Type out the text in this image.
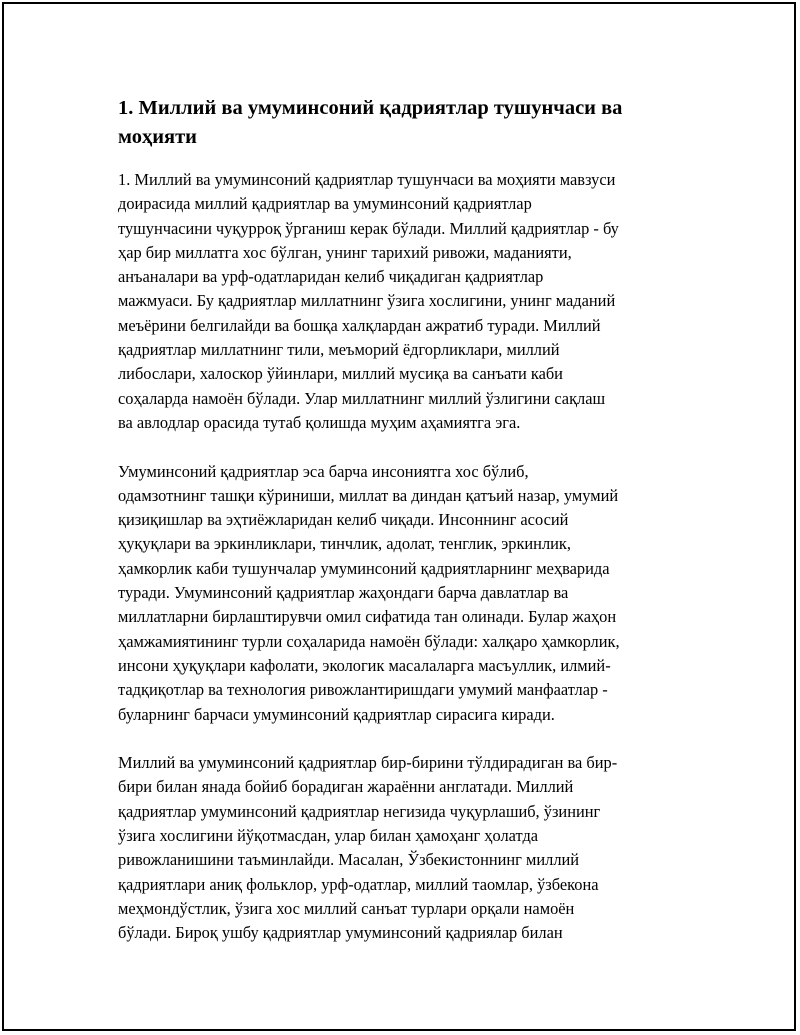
1. Миллий ва умуминсоний қадриятлар тушунчаси ва
моҳияти

1. Миллий ва умуминсоний қадриятлар тушунчаси ва моҳияти мавзуси
доирасида миллий қадриятлар ва умуминсоний қадриятлар
тушунчасини чуқурроқ ўрганиш керак бўлади. Миллий қадриятлар - бу
ҳар бир миллатга хос бўлган, унинг тарихий ривожи, маданияти,
анъаналари ва урф-одатларидан келиб чиқадиган қадриятлар
мажмуаси. Бу қадриятлар миллатнинг ўзига хослигини, унинг маданий
меъёрини белгилайди ва бошқа халқлардан ажратиб туради. Миллий
қадриятлар миллатнинг тили, меъморий ёдгорликлари, миллий
либослари, халоскор ўйинлари, миллий мусиқа ва санъати каби
соҳаларда намоён бўлади. Улар миллатнинг миллий ўзлигини сақлаш
ва авлодлар орасида тутаб қолишда муҳим аҳамиятга эга.

Умуминсоний қадриятлар эса барча инсониятга хос бўлиб,
одамзотнинг ташқи кўриниши, миллат ва диндан қатъий назар, умумий
қизиқишлар ва эҳтиёжларидан келиб чиқади. Инсоннинг асосий
ҳуқуқлари ва эркинликлари, тинчлик, адолат, тенглик, эркинлик,
ҳамкорлик каби тушунчалар умуминсоний қадриятларнинг меҳварида
туради. Умуминсоний қадриятлар жаҳондаги барча давлатлар ва
миллатларни бирлаштирувчи омил сифатида тан олинади. Булар жаҳон
ҳамжамиятининг турли соҳаларида намоён бўлади: халқаро ҳамкорлик,
инсони ҳуқуқлари кафолати, экологик масалаларга масъуллик, илмий-
тадқиқотлар ва технология ривожлантиришдаги умумий манфаатлар -
буларнинг барчаси умуминсоний қадриятлар сирасига киради.

Миллий ва умуминсоний қадриятлар бир-бирини тўлдирадиган ва бир-
бири билан янада бойиб борадиган жараённи англатади. Миллий
қадриятлар умуминсоний қадриятлар негизида чуқурлашиб, ўзининг
ўзига хослигини йўқотмасдан, улар билан ҳамоҳанг ҳолатда
ривожланишини таъминлайди. Масалан, Ўзбекистоннинг миллий
қадриятлари аниқ фольклор, урф-одатлар, миллий таомлар, ўзбекона
меҳмондўстлик, ўзига хос миллий санъат турлари орқали намоён
бўлади. Бироқ ушбу қадриятлар умуминсоний қадриялар билан
